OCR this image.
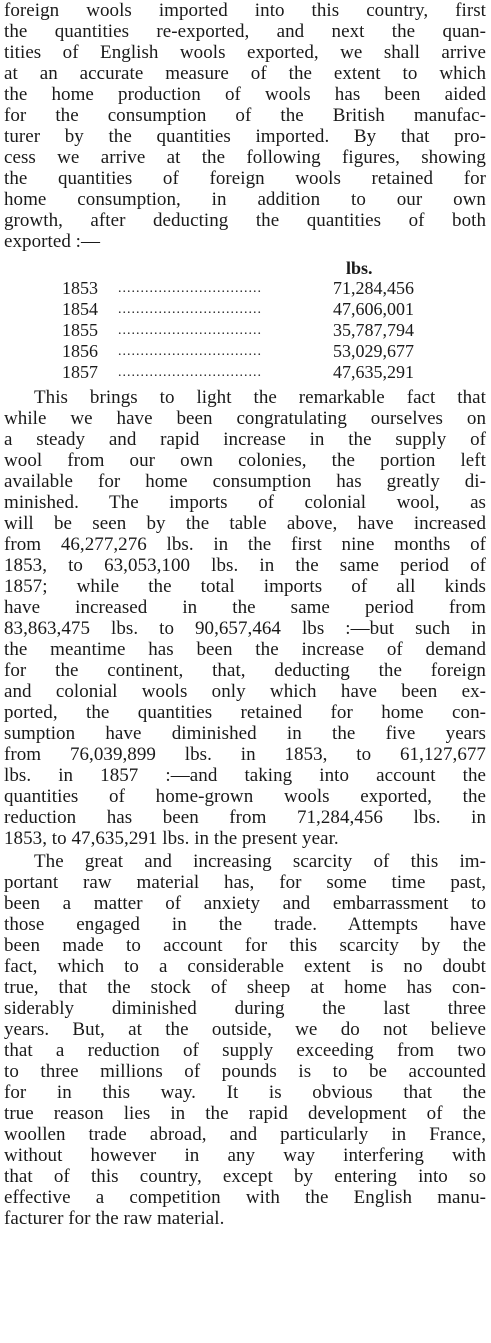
foreign wools imported into this country, first
the quantities re-exported, and next the quan-
tities of English wools exported, we shall arrive
at an accurate measure of the extent to which
the home production of wools has been aided
for the consumption of the British manufac-
turer by the quantities imported. By that pro-
cess we arrive at the following figures, showing
the quantities of foreign wools retained for
home consumption, in addition to our own
growth, after deducting the quantities of both
exported :—
lbs.
1853	................................	71,284,456
1854	................................	47,606,001
1855	................................	35,787,794
1856	................................	53,029,677
1857	................................	47,635,291
This brings to light the remarkable fact that
while we have been congratulating ourselves on
a steady and rapid increase in the supply of
wool from our own colonies, the portion left
available for home consumption has greatly di-
minished. The imports of colonial wool, as
will be seen by the table above, have increased
from 46,277,276 lbs. in the first nine months of
1853, to 63,053,100 lbs. in the same period of
1857; while the total imports of all kinds
have increased in the same period from
83,863,475 lbs. to 90,657,464 lbs :—but such in
the meantime has been the increase of demand
for the continent, that, deducting the foreign
and colonial wools only which have been ex-
ported, the quantities retained for home con-
sumption have diminished in the five years
from 76,039,899 lbs. in 1853, to 61,127,677
lbs. in 1857 :—and taking into account the
quantities of home-grown wools exported, the
reduction has been from 71,284,456 lbs. in
1853, to 47,635,291 lbs. in the present year.
The great and increasing scarcity of this im-
portant raw material has, for some time past,
been a matter of anxiety and embarrassment to
those engaged in the trade. Attempts have
been made to account for this scarcity by the
fact, which to a considerable extent is no doubt
true, that the stock of sheep at home has con-
siderably diminished during the last three
years. But, at the outside, we do not believe
that a reduction of supply exceeding from two
to three millions of pounds is to be accounted
for in this way. It is obvious that the
true reason lies in the rapid development of the
woollen trade abroad, and particularly in France,
without however in any way interfering with
that of this country, except by entering into so
effective a competition with the English manu-
facturer for the raw material.
